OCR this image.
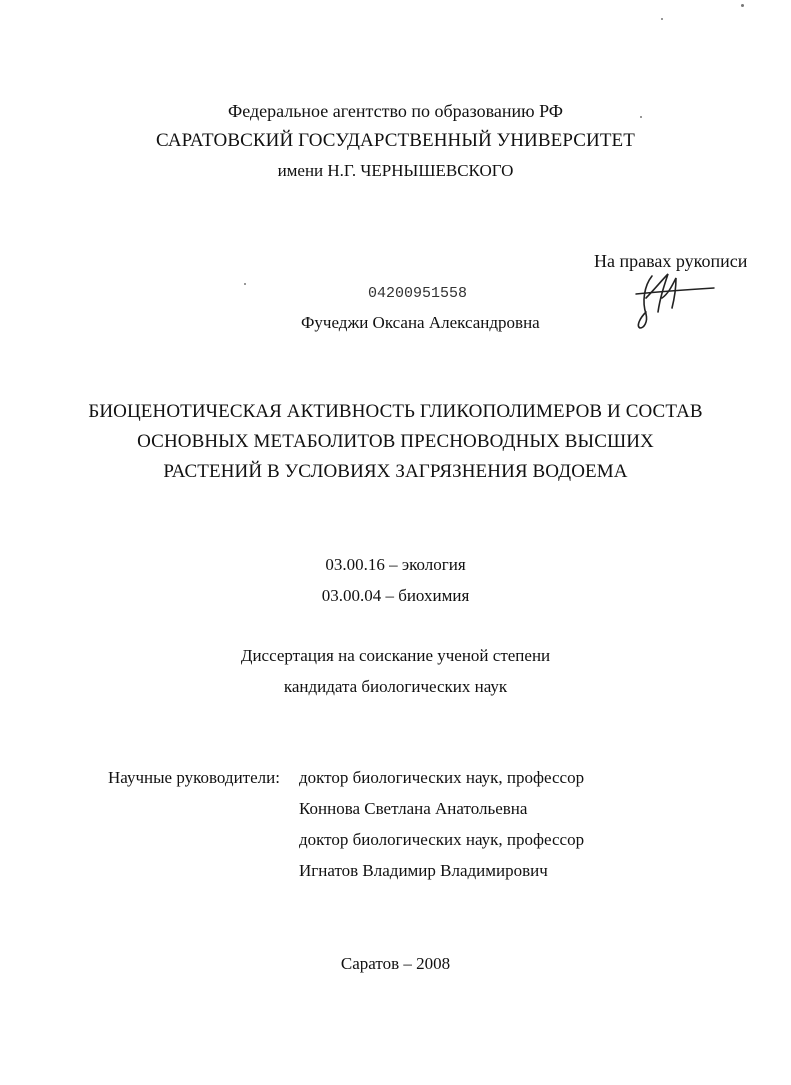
Федеральное агентство по образованию РФ
САРАТОВСКИЙ ГОСУДАРСТВЕННЫЙ УНИВЕРСИТЕТ
имени Н.Г. ЧЕРНЫШЕВСКОГО
На правах рукописи
04200951558
Фучеджи Оксана Александровна
БИОЦЕНОТИЧЕСКАЯ АКТИВНОСТЬ ГЛИКОПОЛИМЕРОВ И СОСТАВ
ОСНОВНЫХ МЕТАБОЛИТОВ ПРЕСНОВОДНЫХ ВЫСШИХ
РАСТЕНИЙ В УСЛОВИЯХ ЗАГРЯЗНЕНИЯ ВОДОЕМА
03.00.16 – экология
03.00.04 – биохимия
Диссертация на соискание ученой степени
кандидата биологических наук
Научные руководители: доктор биологических наук, профессор
Коннова Светлана Анатольевна
доктор биологических наук, профессор
Игнатов Владимир Владимирович
Саратов – 2008
